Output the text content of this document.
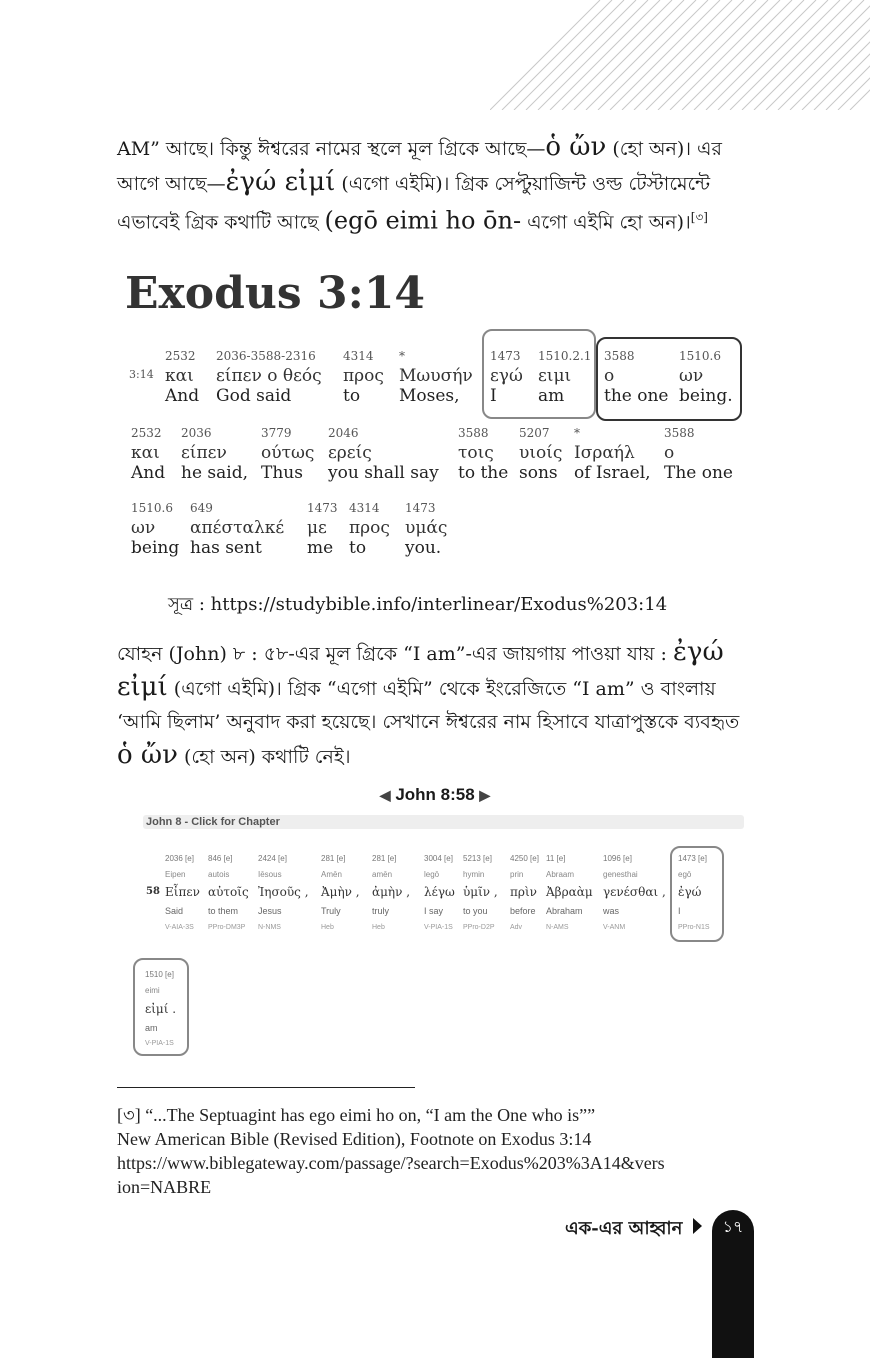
AM” আছে। কিন্তু ঈশ্বরের নামের স্থলে মূল গ্রিকে আছে—ὁ ὤν (হো অন)। এর
আগে আছে—ἐγώ εἰμί (এগো এইমি)। গ্রিক সেপ্টুয়াজিন্ট ওল্ড টেস্টামেন্টে
এভাবেই গ্রিক কথাটি আছে (egō eimi ho ōn- এগো এইমি হো অন)।[৩]
Exodus 3:14
3:14
2532
και
And
2036-3588-2316
είπεν ο θεός
God said
4314
προς
to
*
Μωυσήν
Moses,
1473
εγώ
I
1510.2.1
ειμι
am
3588
ο
the one
1510.6
ων
being.
2532
και
And
2036
είπεν
he said,
3779
ούτως
Thus
2046
ερείς
you shall say
3588
τοις
to the
5207
υιοίς
sons
*
Ισραήλ
of Israel,
3588
ο
The one
1510.6
ων
being
649
απέσταλκέ
has sent
1473
με
me
4314
προς
to
1473
υμάς
you.
সূত্র : https://studybible.info/interlinear/Exodus%203:14
যোহন (John) ৮ : ৫৮-এর মূল গ্রিকে “I am”-এর জায়গায় পাওয়া যায় : ἐγώ
εἰμί (এগো এইমি)। গ্রিক “এগো এইমি” থেকে ইংরেজিতে “I am” ও বাংলায়
‘আমি ছিলাম’ অনুবাদ করা হয়েছে। সেখানে ঈশ্বরের নাম হিসাবে যাত্রাপুস্তকে ব্যবহৃত
ὁ ὤν (হো অন) কথাটি নেই।
◀ John 8:58 ▶
John 8 - Click for Chapter
58
2036 [e]
Eipen
Εἶπεν
Said
V-AIA-3S
846 [e]
autois
αὐτοῖς
to them
PPro-DM3P
2424 [e]
Iēsous
Ἰησοῦς ,
Jesus
N-NMS
281 [e]
Amēn
Ἀμὴν ,
Truly
Heb
281 [e]
amēn
ἀμὴν ,
truly
Heb
3004 [e]
legō
λέγω
I say
V-PIA-1S
5213 [e]
hymin
ὑμῖν ,
to you
PPro-D2P
4250 [e]
prin
πρὶν
before
Adv
11 [e]
Abraam
Ἀβραὰμ
Abraham
N-AMS
1096 [e]
genesthai
γενέσθαι ,
was
V-ANM
1473 [e]
egō
ἐγώ
I
PPro-N1S
1510 [e]
eimi
εἰμί .
am
V-PIA-1S
[৩] “...The Septuagint has ego eimi ho on, “I am the One who is””
New American Bible (Revised Edition), Footnote on Exodus 3:14
https://www.biblegateway.com/passage/?search=Exodus%203%3A14&vers
ion=NABRE
এক-এর আহ্বান	১৭
